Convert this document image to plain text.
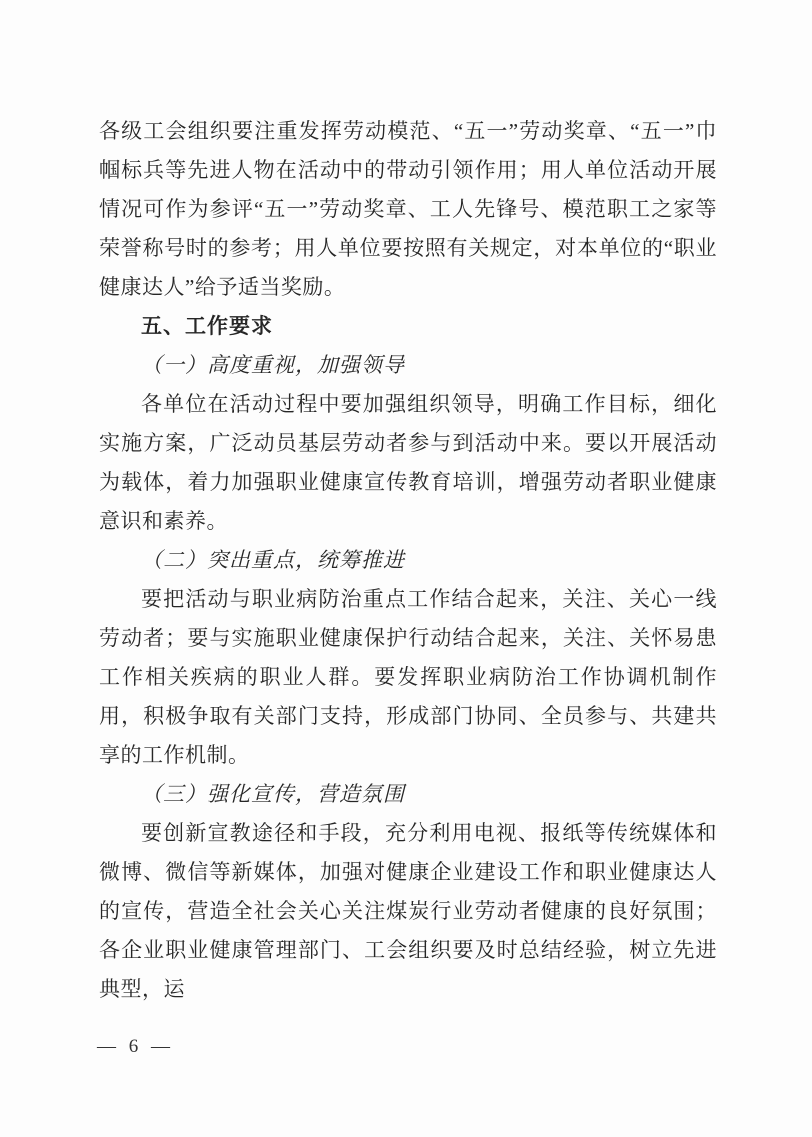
各级工会组织要注重发挥劳动模范、“五一”劳动奖章、“五一”巾帼标兵等先进人物在活动中的带动引领作用；用人单位活动开展情况可作为参评“五一”劳动奖章、工人先锋号、模范职工之家等荣誉称号时的参考；用人单位要按照有关规定，对本单位的“职业健康达人”给予适当奖励。

五、工作要求

（一）高度重视，加强领导

各单位在活动过程中要加强组织领导，明确工作目标，细化实施方案，广泛动员基层劳动者参与到活动中来。要以开展活动为载体，着力加强职业健康宣传教育培训，增强劳动者职业健康意识和素养。

（二）突出重点，统筹推进

要把活动与职业病防治重点工作结合起来，关注、关心一线劳动者；要与实施职业健康保护行动结合起来，关注、关怀易患工作相关疾病的职业人群。要发挥职业病防治工作协调机制作用，积极争取有关部门支持，形成部门协同、全员参与、共建共享的工作机制。

（三）强化宣传，营造氛围

要创新宣教途径和手段，充分利用电视、报纸等传统媒体和微博、微信等新媒体，加强对健康企业建设工作和职业健康达人的宣传，营造全社会关心关注煤炭行业劳动者健康的良好氛围；各企业职业健康管理部门、工会组织要及时总结经验，树立先进典型，运

— 6 —
